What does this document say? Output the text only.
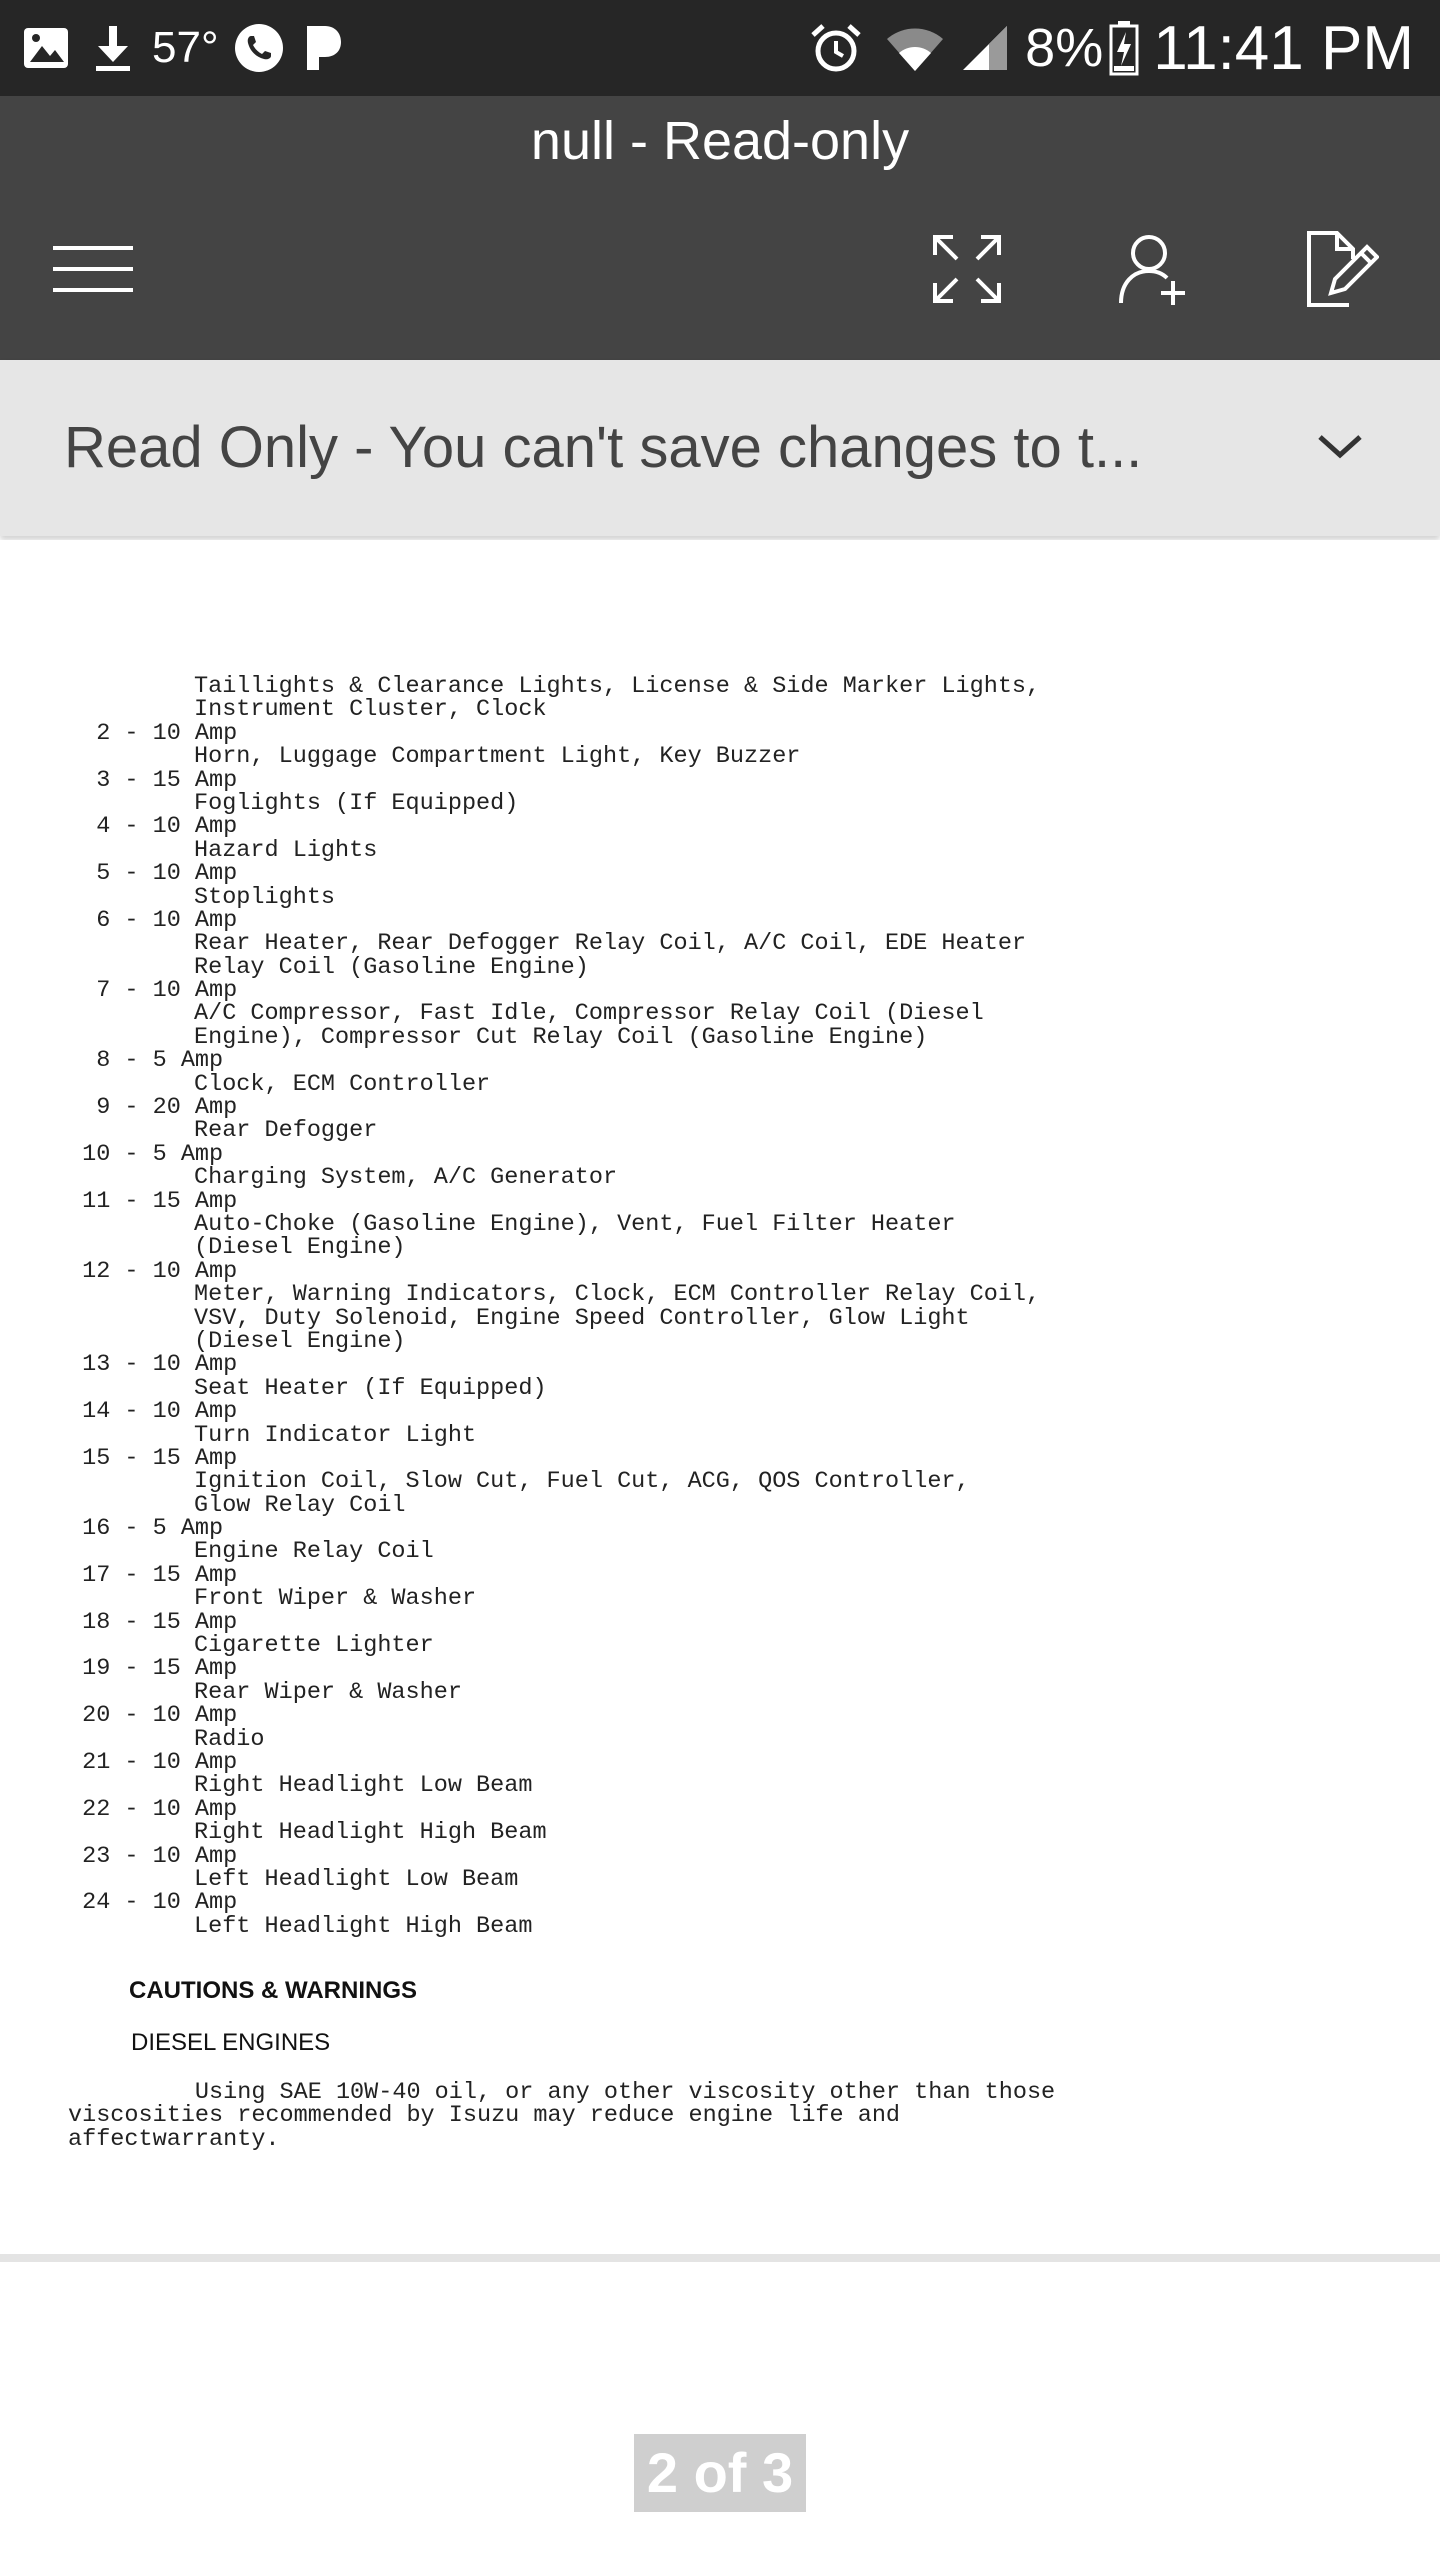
57°	8% 11:41 PM
null - Read-only
Read Only - You can't save changes to t...
Taillights & Clearance Lights, License & Side Marker Lights,
Instrument Cluster, Clock
2 - 10 Amp
Horn, Luggage Compartment Light, Key Buzzer
3 - 15 Amp
Foglights (If Equipped)
4 - 10 Amp
Hazard Lights
5 - 10 Amp
Stoplights
6 - 10 Amp
Rear Heater, Rear Defogger Relay Coil, A/C Coil, EDE Heater
Relay Coil (Gasoline Engine)
7 - 10 Amp
A/C Compressor, Fast Idle, Compressor Relay Coil (Diesel
Engine), Compressor Cut Relay Coil (Gasoline Engine)
8 - 5 Amp
Clock, ECM Controller
9 - 20 Amp
Rear Defogger
10 - 5 Amp
Charging System, A/C Generator
11 - 15 Amp
Auto-Choke (Gasoline Engine), Vent, Fuel Filter Heater
(Diesel Engine)
12 - 10 Amp
Meter, Warning Indicators, Clock, ECM Controller Relay Coil,
VSV, Duty Solenoid, Engine Speed Controller, Glow Light
(Diesel Engine)
13 - 10 Amp
Seat Heater (If Equipped)
14 - 10 Amp
Turn Indicator Light
15 - 15 Amp
Ignition Coil, Slow Cut, Fuel Cut, ACG, QOS Controller,
Glow Relay Coil
16 - 5 Amp
Engine Relay Coil
17 - 15 Amp
Front Wiper & Washer
18 - 15 Amp
Cigarette Lighter
19 - 15 Amp
Rear Wiper & Washer
20 - 10 Amp
Radio
21 - 10 Amp
Right Headlight Low Beam
22 - 10 Amp
Right Headlight High Beam
23 - 10 Amp
Left Headlight Low Beam
24 - 10 Amp
Left Headlight High Beam
CAUTIONS & WARNINGS
DIESEL ENGINES
Using SAE 10W-40 oil, or any other viscosity other than those
viscosities recommended by Isuzu may reduce engine life and
affectwarranty.
2 of 3
